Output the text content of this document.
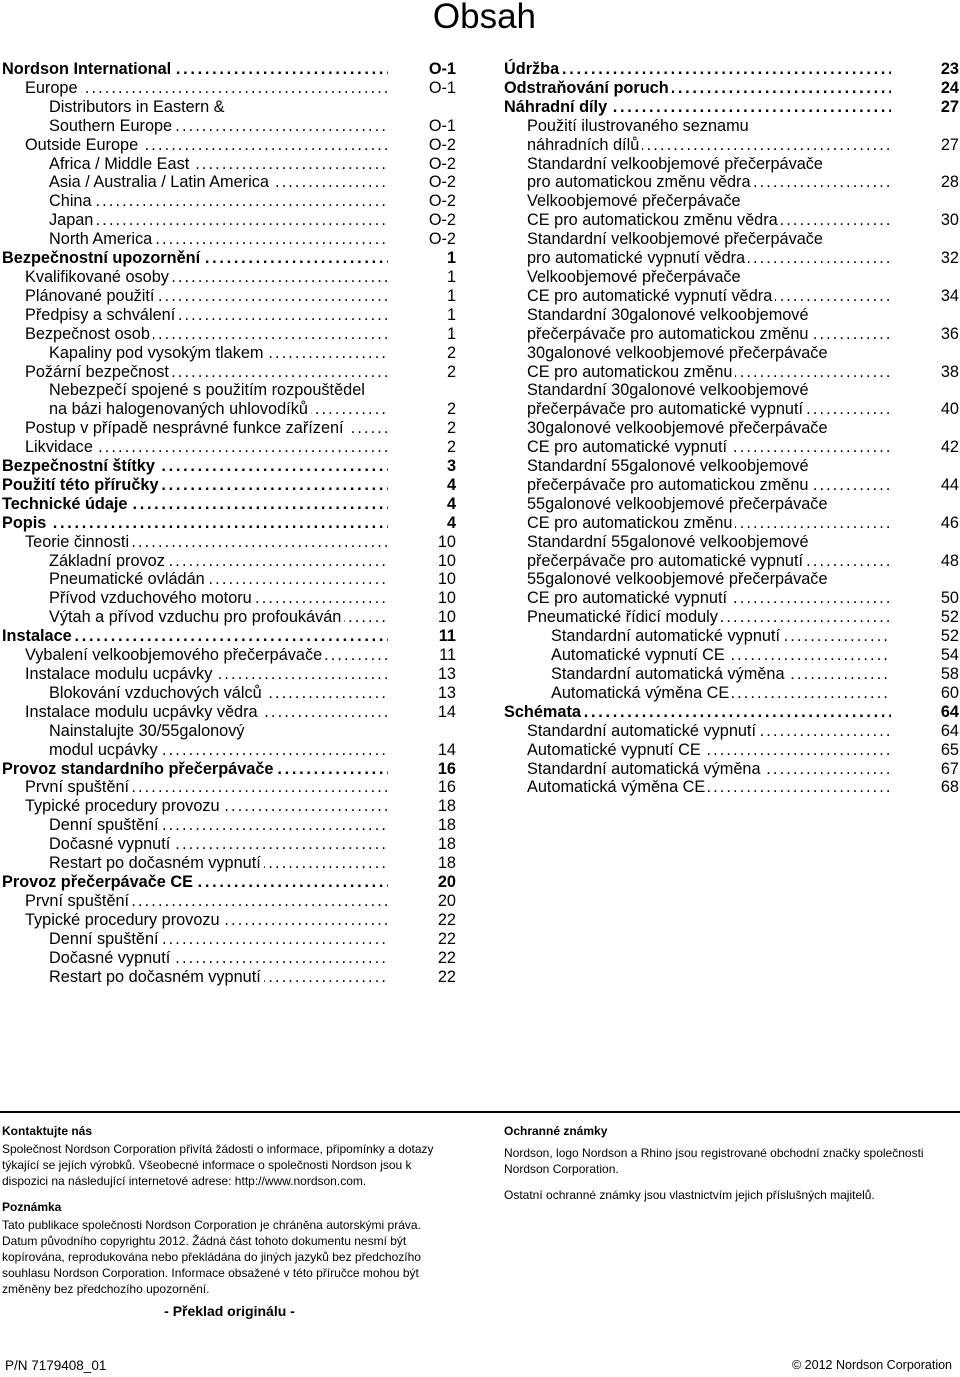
Obsah
. . .
Nordson International	O-1
. . .
Europe	O-1
Distributors in Eastern &
. . .
Southern Europe	O-1
. . .
Outside Europe	O-2
. . .
Africa / Middle East	O-2
. . .
Asia / Australia / Latin America	O-2
. . .
China	O-2
. . .
Japan	O-2
. . .
North America	O-2
. . .
Bezpečnostní upozornění	1
. . .
Kvalifikované osoby	1
. . .
Plánované použití	1
. . .
Předpisy a schválení	1
. . .
Bezpečnost osob	1
. . .
Kapaliny pod vysokým tlakem	2
. . .
Požární bezpečnost	2
Nebezpečí spojené s použitím rozpouštědel
. . .
na bázi halogenovaných uhlovodíků	2
. . .
Postup v případě nesprávné funkce zařízení	2
. . .
Likvidace	2
. . .
Bezpečnostní štítky	3
. . .
Použití této příručky	4
. . .
Technické údaje	4
. . .
Popis	4
. . .
Teorie činnosti	10
. . .
Základní provoz	10
. . .
Pneumatické ovládán	10
. . .
Přívod vzduchového motoru	10
. . .
Výtah a přívod vzduchu pro profoukáván	10
. . .
Instalace	11
. . .
Vybalení velkoobjemového přečerpávače	11
. . .
Instalace modulu ucpávky	13
. . .
Blokování vzduchových válců	13
. . .
Instalace modulu ucpávky vědra	14
Nainstalujte 30/55galonový
. . .
modul ucpávky	14
. . .
Provoz standardního přečerpávače	16
. . .
První spuštění	16
. . .
Typické procedury provozu	18
. . .
Denní spuštění	18
. . .
Dočasné vypnutí	18
. . .
Restart po dočasném vypnutí	18
. . .
Provoz přečerpávače CE	20
. . .
První spuštění	20
. . .
Typické procedury provozu	22
. . .
Denní spuštění	22
. . .
Dočasné vypnutí	22
. . .
Restart po dočasném vypnutí	22
. . .
Údržba	23
. . .
Odstraňování poruch	24
. . .
Náhradní díly	27
Použití ilustrovaného seznamu
. . .
náhradních dílů	27
Standardní velkoobjemové přečerpávače
. . .
pro automatickou změnu vědra	28
Velkoobjemové přečerpávače
. . .
CE pro automatickou změnu vědra	30
Standardní velkoobjemové přečerpávače
. . .
pro automatické vypnutí vědra	32
Velkoobjemové přečerpávače
. . .
CE pro automatické vypnutí vědra	34
Standardní 30galonové velkoobjemové
. . .
přečerpávače pro automatickou změnu	36
30galonové velkoobjemové přečerpávače
. . .
CE pro automatickou změnu	38
Standardní 30galonové velkoobjemové
. . .
přečerpávače pro automatické vypnutí	40
30galonové velkoobjemové přečerpávače
. . .
CE pro automatické vypnutí	42
Standardní 55galonové velkoobjemové
. . .
přečerpávače pro automatickou změnu	44
55galonové velkoobjemové přečerpávače
. . .
CE pro automatickou změnu	46
Standardní 55galonové velkoobjemové
. . .
přečerpávače pro automatické vypnutí	48
55galonové velkoobjemové přečerpávače
. . .
CE pro automatické vypnutí	50
. . .
Pneumatické řídicí moduly	52
. . .
Standardní automatické vypnutí	52
. . .
Automatické vypnutí CE	54
. . .
Standardní automatická výměna	58
. . .
Automatická výměna CE	60
. . .
Schémata	64
. . .
Standardní automatické vypnutí	64
. . .
Automatické vypnutí CE	65
. . .
Standardní automatická výměna	67
. . .
Automatická výměna CE	68
Kontaktujte nás

Společnost Nordson Corporation přivítá žádosti o informace, připomínky a dotazy týkající se jejích výrobků. Všeobecné informace o společnosti Nordson jsou k dispozici na následující internetové adrese: http://www.nordson.com.

Poznámka

Tato publikace společnosti Nordson Corporation je chráněna autorskými práva. Datum původního copyrightu 2012. Žádná část tohoto dokumentu nesmí být kopírována, reprodukována nebo překládána do jiných jazyků bez předchozího souhlasu Nordson Corporation. Informace obsažené v této příručce mohou být změněny bez předchozího upozornění.

- Překlad originálu -

Ochranné známky

Nordson, logo Nordson a Rhino jsou registrované obchodní značky společnosti Nordson Corporation.

Ostatní ochranné známky jsou vlastnictvím jejich příslušných majitelů.

P/N 7179408_01	© 2012 Nordson Corporation
